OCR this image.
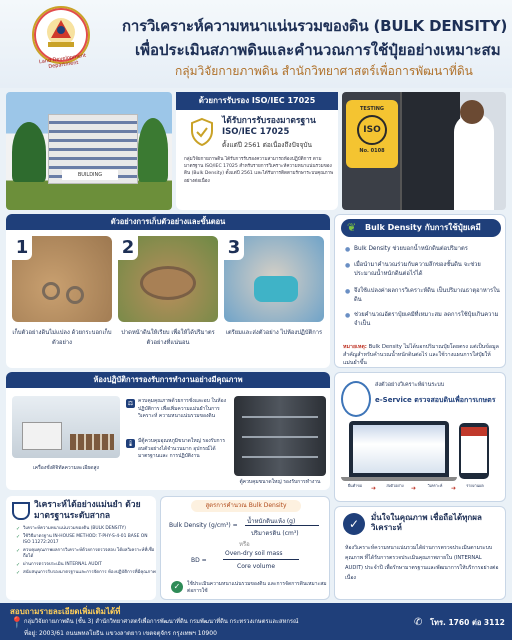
Land Development Department
การวิเคราะห์ความหนาแน่นรวมของดิน (BULK DENSITY)
เพื่อประเมินสภาพดินและคำนวณการใช้ปุ๋ยอย่างเหมาะสม
กลุ่มวิจัยกายภาพดิน สำนักวิทยาศาสตร์เพื่อการพัฒนาที่ดิน
BUILDING
ด้วยการรับรอง ISO/IEC 17025
ได้รับการรับรองมาตรฐาน ISO/IEC 17025
ตั้งแต่ปี 2561 ต่อเนื่องถึงปัจจุบัน
กลุ่มวิจัยกายภาพดิน ได้รับการรับรองความสามารถห้องปฏิบัติการ ตามมาตรฐาน ISO/IEC 17025 สำหรับรายการวิเคราะห์ความหนาแน่นรวมของดิน (Bulk Density) ตั้งแต่ปี 2561 และได้รับการติดตามรักษาระบบคุณภาพอย่างต่อเนื่อง
TESTING
ISO
No. 0108
ตัวอย่างการเก็บตัวอย่างและขั้นตอน
1	2	3
เก็บตัวอย่างดินไม่แปลง ด้วยกระบอกเก็บตัวอย่าง
ปาดหน้าดินให้เรียบ เพื่อให้ได้ปริมาตรตัวอย่างที่แน่นอน
เตรียมและส่งตัวอย่าง ไปห้องปฏิบัติการ
Bulk Density กับการใช้ปุ๋ยเคมี
❦
● Bulk Density ช่วยบอกน้ำหนักดินต่อปริมาตร
● เมื่อนำมาคำนวณร่วมกับความลึกของชั้นดิน จะช่วยประมาณน้ำหนักดินต่อไร่ได้
● จึงใช้แปลงค่าผลการวิเคราะห์ดิน เป็นปริมาณธาตุอาหารในดิน
● ช่วยคำนวณอัตราปุ๋ยเคมีที่เหมาะสม ลดการใช้ปุ๋ยเกินความจำเป็น
หมายเหตุ: Bulk Density ไม่ได้บอกปริมาณปุ๋ยโดยตรง แต่เป็นข้อมูลสำคัญสำหรับคำนวณน้ำหนักดินต่อไร่ และใช้วางแผนการใส่ปุ๋ยให้แม่นยำขึ้น
ห้องปฏิบัติการรองรับการทำงานอย่างมีคุณภาพ
⚖ ควบคุมคุณภาพด้วยการชั่งและอบ ในห้องปฏิบัติการ เพื่อเพิ่มความแม่นยำในการวิเคราะห์ ความหนาแน่นรวมของดิน
🌡 มีตู้ควบคุมอุณหภูมิขนาดใหญ่ รองรับการอบตัวอย่างได้จำนวนมาก อุปกรณ์ได้มาตรฐานและ การปฏิบัติงาน
เครื่องชั่งดิจิทัลความละเอียดสูง
ตู้ควบคุมขนาดใหญ่ รองรับการทำงาน
ส่งตัวอย่างวิเคราะห์ผ่านระบบ
e-Service ตรวจสอบดินเพื่อการเกษตร
ยื่นคำขอ	➜	ส่งตัวอย่าง	➜	วิเคราะห์	➜	รายงานผล
วิเคราะห์ได้อย่างแม่นยำ ด้วยมาตรฐานระดับสากล
✓ วิเคราะห์ความหนาแน่นรวมของดิน (BULK DENSITY)
✓ ใช้วิธีมาตรฐาน IN-HOUSE METHOD: T-PHY-S-4-01 BASE ON ISO 11272:2017
✓ ควบคุมคุณภาพผลการวิเคราะห์ด้วยการตรวจสอบ ได้ผลวิเคราะห์ที่เชื่อถือได้
✓ ผ่านการตรวจประเมิน INTERNAL AUDIT
✓ สนับสนุนการรับรองมาตรฐานและการจัดการ ห้องปฏิบัติการที่มีคุณภาพ
สูตรการคำนวณ Bulk Density
Bulk Density (g/cm³) =
น้ำหนักดินแห้ง (g)
ปริมาตรดิน (cm³)
หรือ
BD =
Oven-dry soil mass
Core volume
✓	ใช้ประเมินความหนาแน่นรวมของดิน และการจัดการดินเหมาะสมต่อการใช้
✓	มั่นใจในคุณภาพ เชื่อถือได้ทุกผลวิเคราะห์
ห้องวิเคราะห์ความหนาแน่นรวมได้ผ่านการตรวจประเมินตามระบบคุณภาพ ที่ได้รับการตรวจประเมินคุณภาพภายใน (INTERNAL AUDIT) ประจำปี เพื่อรักษามาตรฐานและพัฒนาการให้บริการอย่างต่อเนื่อง
สอบถามรายละเอียดเพิ่มเติมได้ที่
📍 กลุ่มวิจัยกายภาพดิน (ชั้น 3) สำนักวิทยาศาสตร์เพื่อการพัฒนาที่ดิน กรมพัฒนาที่ดิน กระทรวงเกษตรและสหกรณ์
ที่อยู่: 2003/61 ถนนพหลโยธิน แขวงลาดยาว เขตจตุจักร กรุงเทพฯ 10900
✆	โทร. 1760 ต่อ 3112
